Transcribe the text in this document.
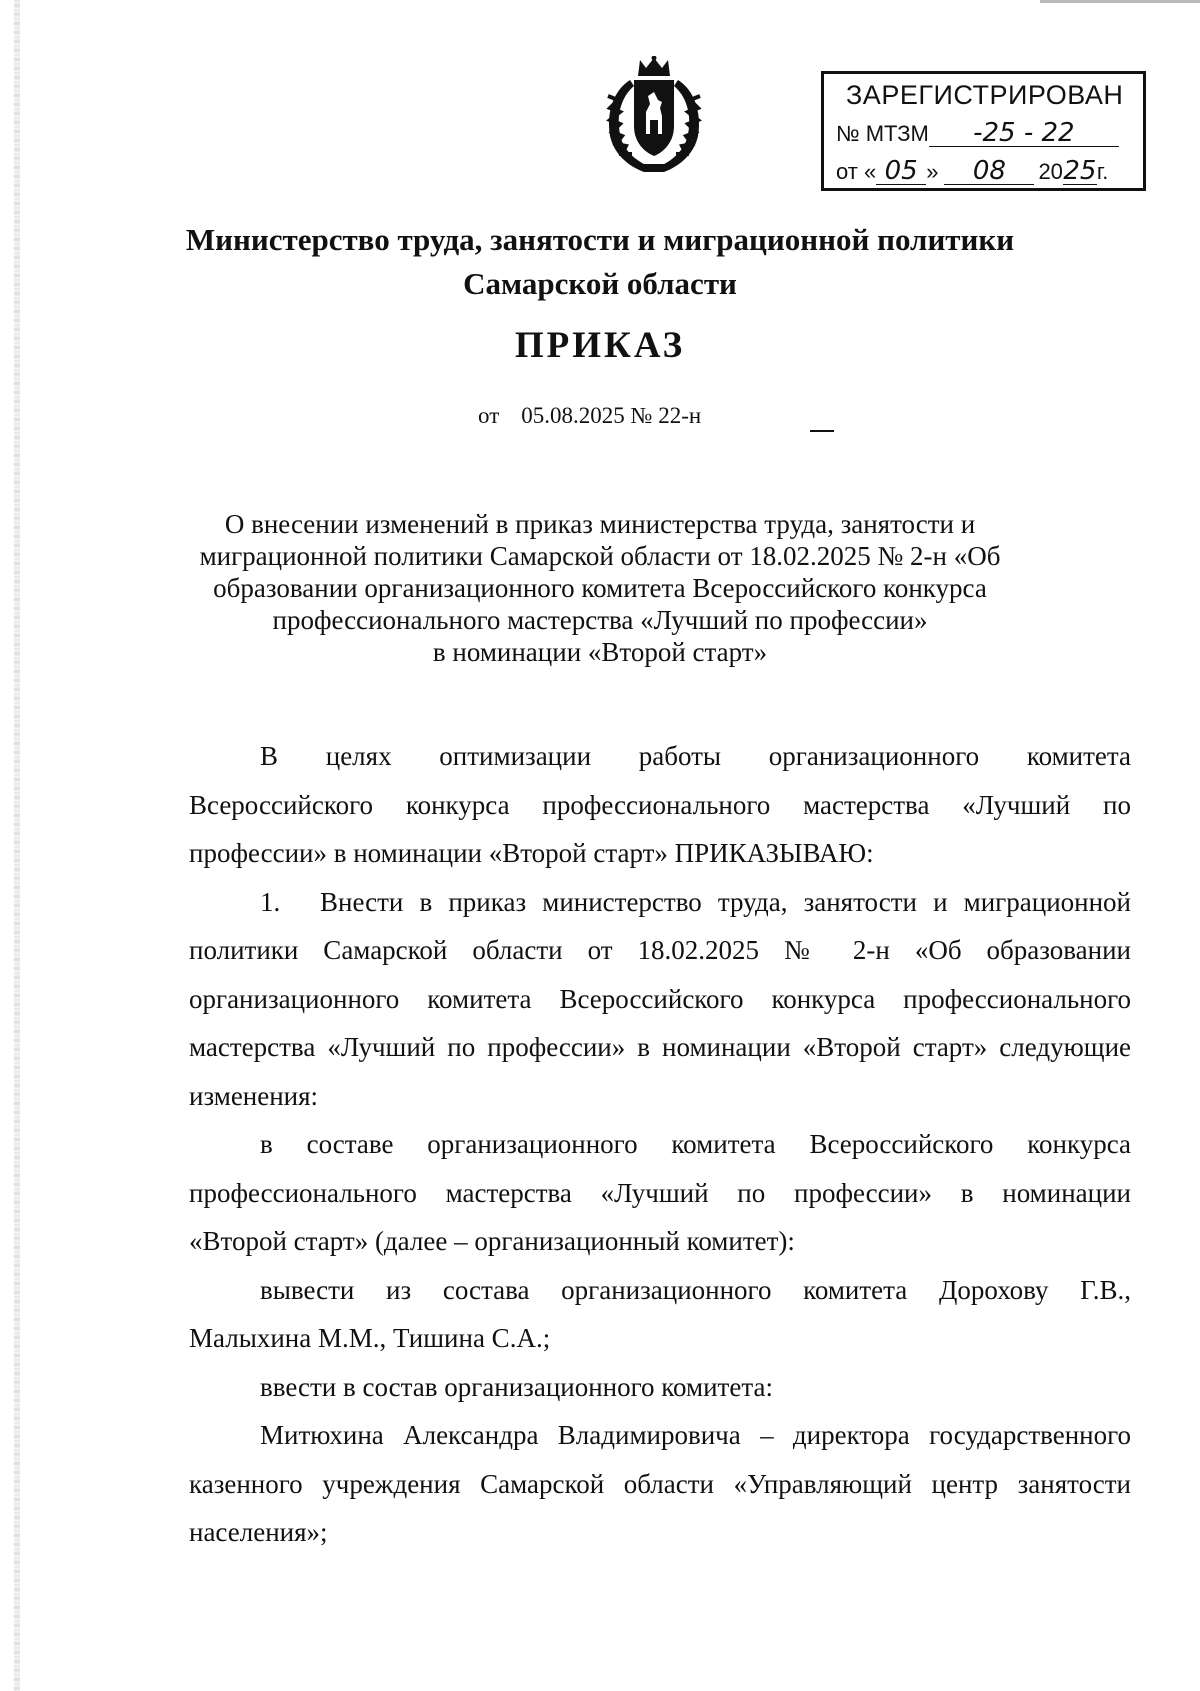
ЗАРЕГИСТРИРОВАН
№ МТЗМ -25 - 22
от « 05 » 08 2025г.
Министерство труда, занятости и миграционной политики
Самарской области
ПРИКАЗ
от 05.08.2025 № 22-н
О внесении изменений в приказ министерства труда, занятости и
миграционной политики Самарской области от 18.02.2025 № 2-н «Об
образовании организационного комитета Всероссийского конкурса
профессионального мастерства «Лучший по профессии»
в номинации «Второй старт»
В целях оптимизации работы организационного комитета
Всероссийского конкурса профессионального мастерства «Лучший по
профессии» в номинации «Второй старт» ПРИКАЗЫВАЮ:
1. Внести в приказ министерство труда, занятости и миграционной
политики Самарской области от 18.02.2025 № 2-н «Об образовании
организационного комитета Всероссийского конкурса профессионального
мастерства «Лучший по профессии» в номинации «Второй старт» следующие
изменения:
в составе организационного комитета Всероссийского конкурса
профессионального мастерства «Лучший по профессии» в номинации
«Второй старт» (далее – организационный комитет):
вывести из состава организационного комитета Дорохову Г.В.,
Малыхина М.М., Тишина С.А.;
ввести в состав организационного комитета:
Митюхина Александра Владимировича – директора государственного
казенного учреждения Самарской области «Управляющий центр занятости
населения»;
